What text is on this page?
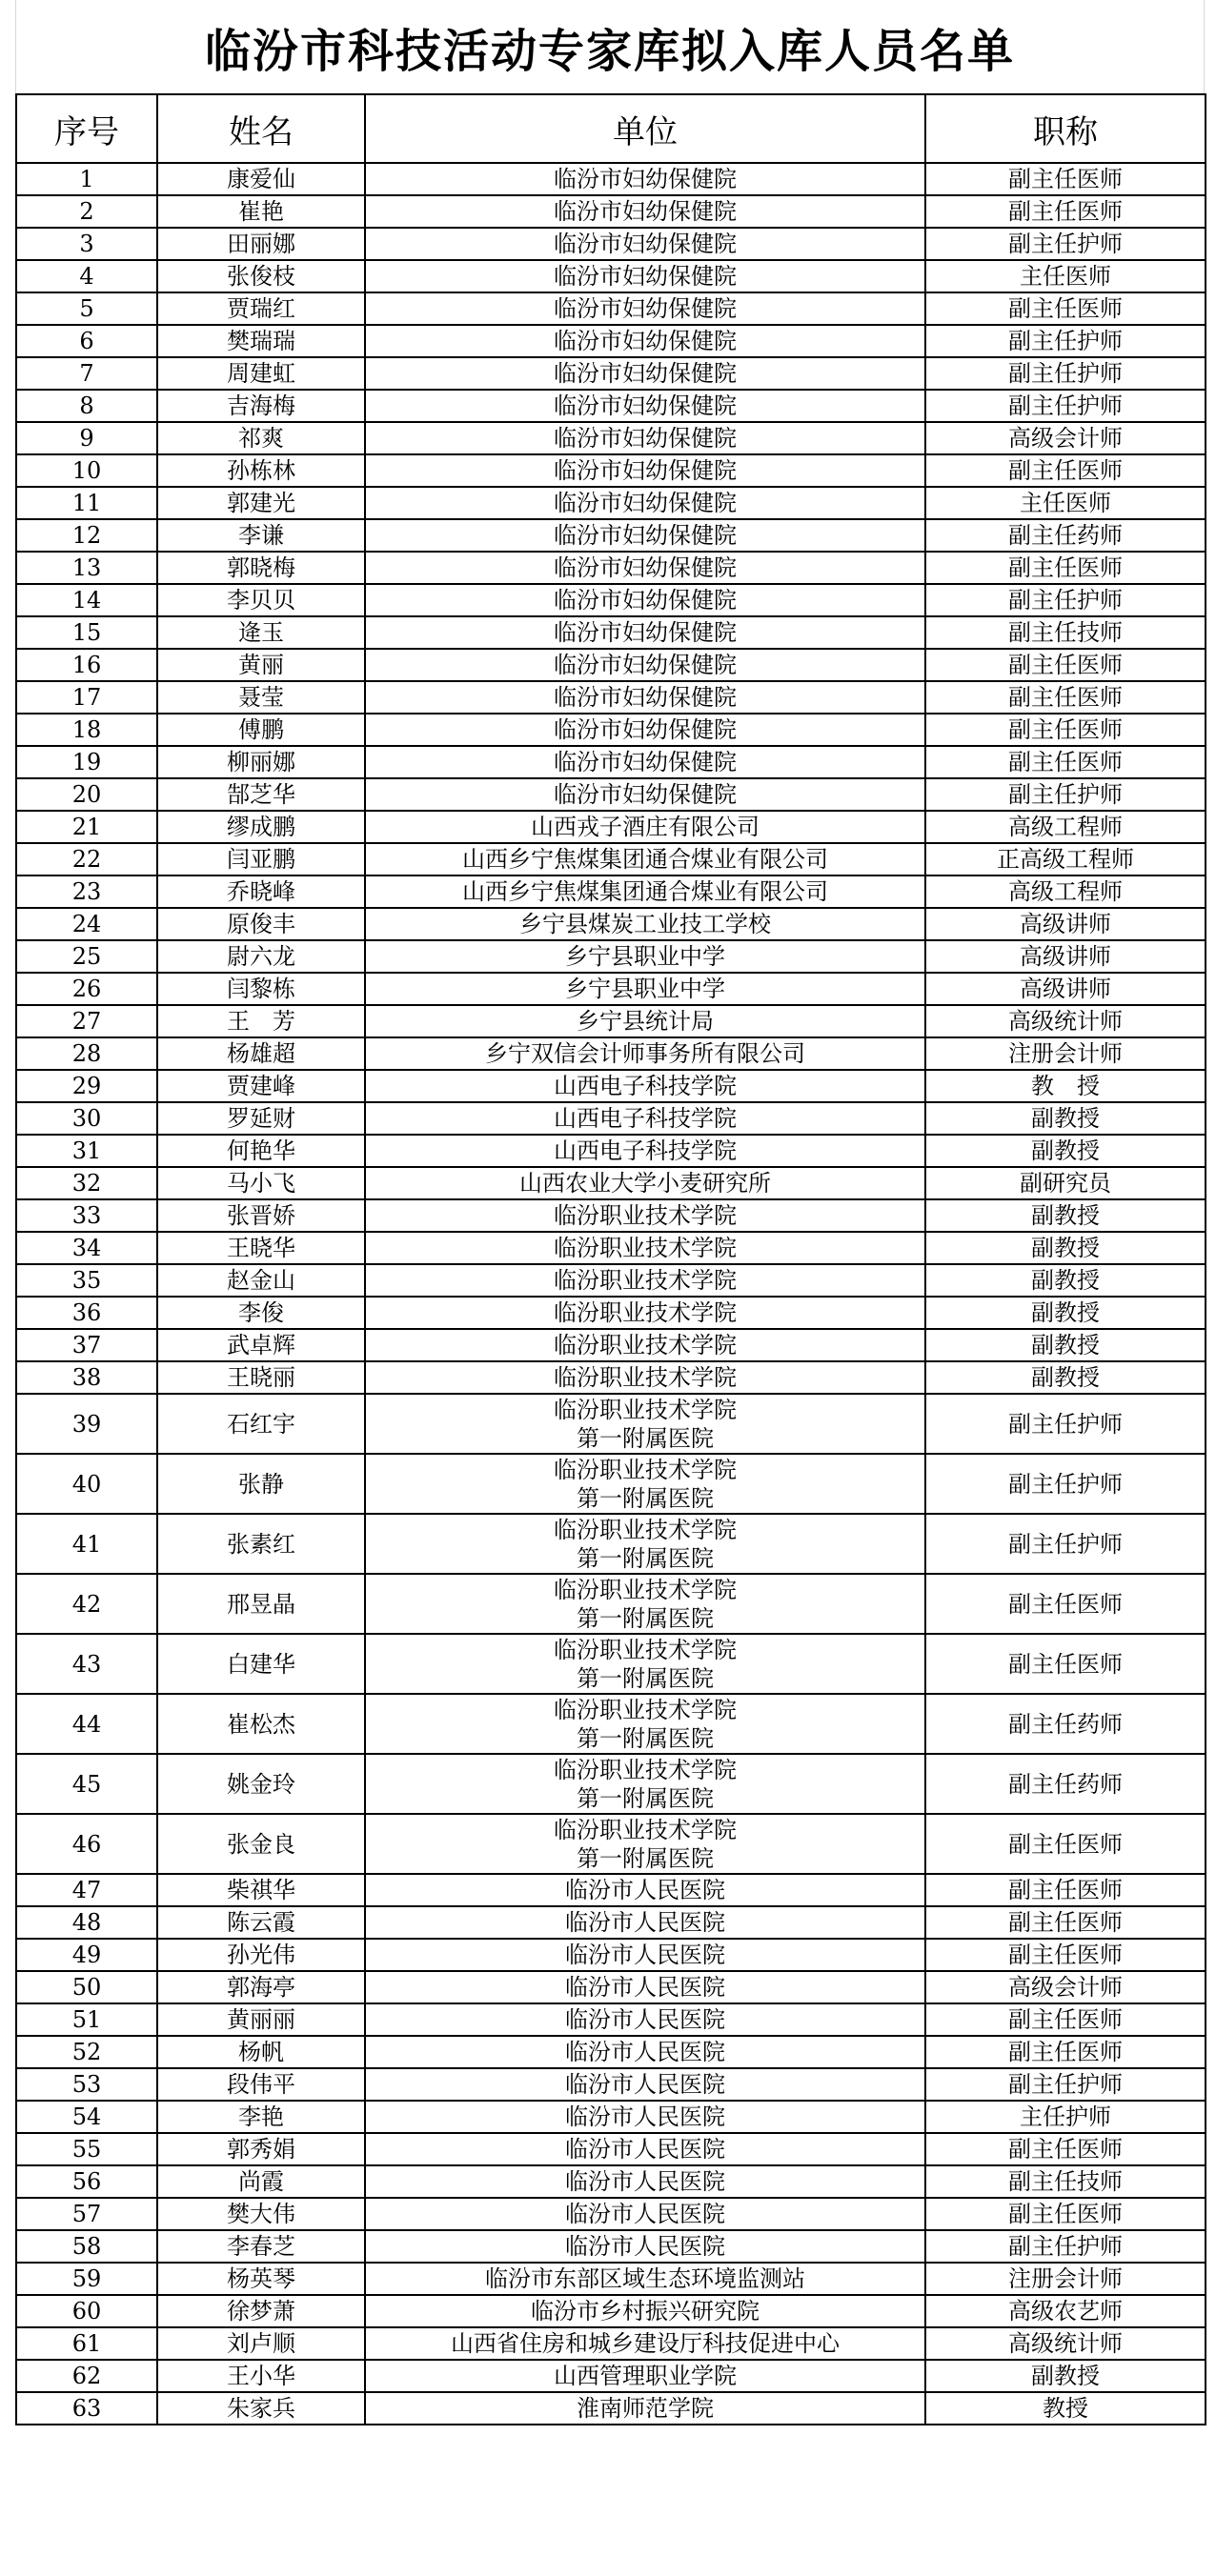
临汾市科技活动专家库拟入库人员名单
序号	姓名	单位	职称
1	康爱仙	临汾市妇幼保健院	副主任医师
2	崔艳	临汾市妇幼保健院	副主任医师
3	田丽娜	临汾市妇幼保健院	副主任护师
4	张俊枝	临汾市妇幼保健院	主任医师
5	贾瑞红	临汾市妇幼保健院	副主任医师
6	樊瑞瑞	临汾市妇幼保健院	副主任护师
7	周建虹	临汾市妇幼保健院	副主任护师
8	吉海梅	临汾市妇幼保健院	副主任护师
9	祁爽	临汾市妇幼保健院	高级会计师
10	孙栋林	临汾市妇幼保健院	副主任医师
11	郭建光	临汾市妇幼保健院	主任医师
12	李谦	临汾市妇幼保健院	副主任药师
13	郭晓梅	临汾市妇幼保健院	副主任医师
14	李贝贝	临汾市妇幼保健院	副主任护师
15	逄玉	临汾市妇幼保健院	副主任技师
16	黄丽	临汾市妇幼保健院	副主任医师
17	聂莹	临汾市妇幼保健院	副主任医师
18	傅鹏	临汾市妇幼保健院	副主任医师
19	柳丽娜	临汾市妇幼保健院	副主任医师
20	郜芝华	临汾市妇幼保健院	副主任护师
21	缪成鹏	山西戎子酒庄有限公司	高级工程师
22	闫亚鹏	山西乡宁焦煤集团通合煤业有限公司	正高级工程师
23	乔晓峰	山西乡宁焦煤集团通合煤业有限公司	高级工程师
24	原俊丰	乡宁县煤炭工业技工学校	高级讲师
25	尉六龙	乡宁县职业中学	高级讲师
26	闫黎栋	乡宁县职业中学	高级讲师
27	王　芳	乡宁县统计局	高级统计师
28	杨雄超	乡宁双信会计师事务所有限公司	注册会计师
29	贾建峰	山西电子科技学院	教　授
30	罗延财	山西电子科技学院	副教授
31	何艳华	山西电子科技学院	副教授
32	马小飞	山西农业大学小麦研究所	副研究员
33	张晋娇	临汾职业技术学院	副教授
34	王晓华	临汾职业技术学院	副教授
35	赵金山	临汾职业技术学院	副教授
36	李俊	临汾职业技术学院	副教授
37	武卓辉	临汾职业技术学院	副教授
38	王晓丽	临汾职业技术学院	副教授
39	石红宇	临汾职业技术学院
第一附属医院	副主任护师
40	张静	临汾职业技术学院
第一附属医院	副主任护师
41	张素红	临汾职业技术学院
第一附属医院	副主任护师
42	邢昱晶	临汾职业技术学院
第一附属医院	副主任医师
43	白建华	临汾职业技术学院
第一附属医院	副主任医师
44	崔松杰	临汾职业技术学院
第一附属医院	副主任药师
45	姚金玲	临汾职业技术学院
第一附属医院	副主任药师
46	张金良	临汾职业技术学院
第一附属医院	副主任医师
47	柴祺华	临汾市人民医院	副主任医师
48	陈云霞	临汾市人民医院	副主任医师
49	孙光伟	临汾市人民医院	副主任医师
50	郭海亭	临汾市人民医院	高级会计师
51	黄丽丽	临汾市人民医院	副主任医师
52	杨帆	临汾市人民医院	副主任医师
53	段伟平	临汾市人民医院	副主任护师
54	李艳	临汾市人民医院	主任护师
55	郭秀娟	临汾市人民医院	副主任医师
56	尚霞	临汾市人民医院	副主任技师
57	樊大伟	临汾市人民医院	副主任医师
58	李春芝	临汾市人民医院	副主任护师
59	杨英琴	临汾市东部区域生态环境监测站	注册会计师
60	徐梦萧	临汾市乡村振兴研究院	高级农艺师
61	刘卢顺	山西省住房和城乡建设厅科技促进中心	高级统计师
62	王小华	山西管理职业学院	副教授
63	朱家兵	淮南师范学院	教授
